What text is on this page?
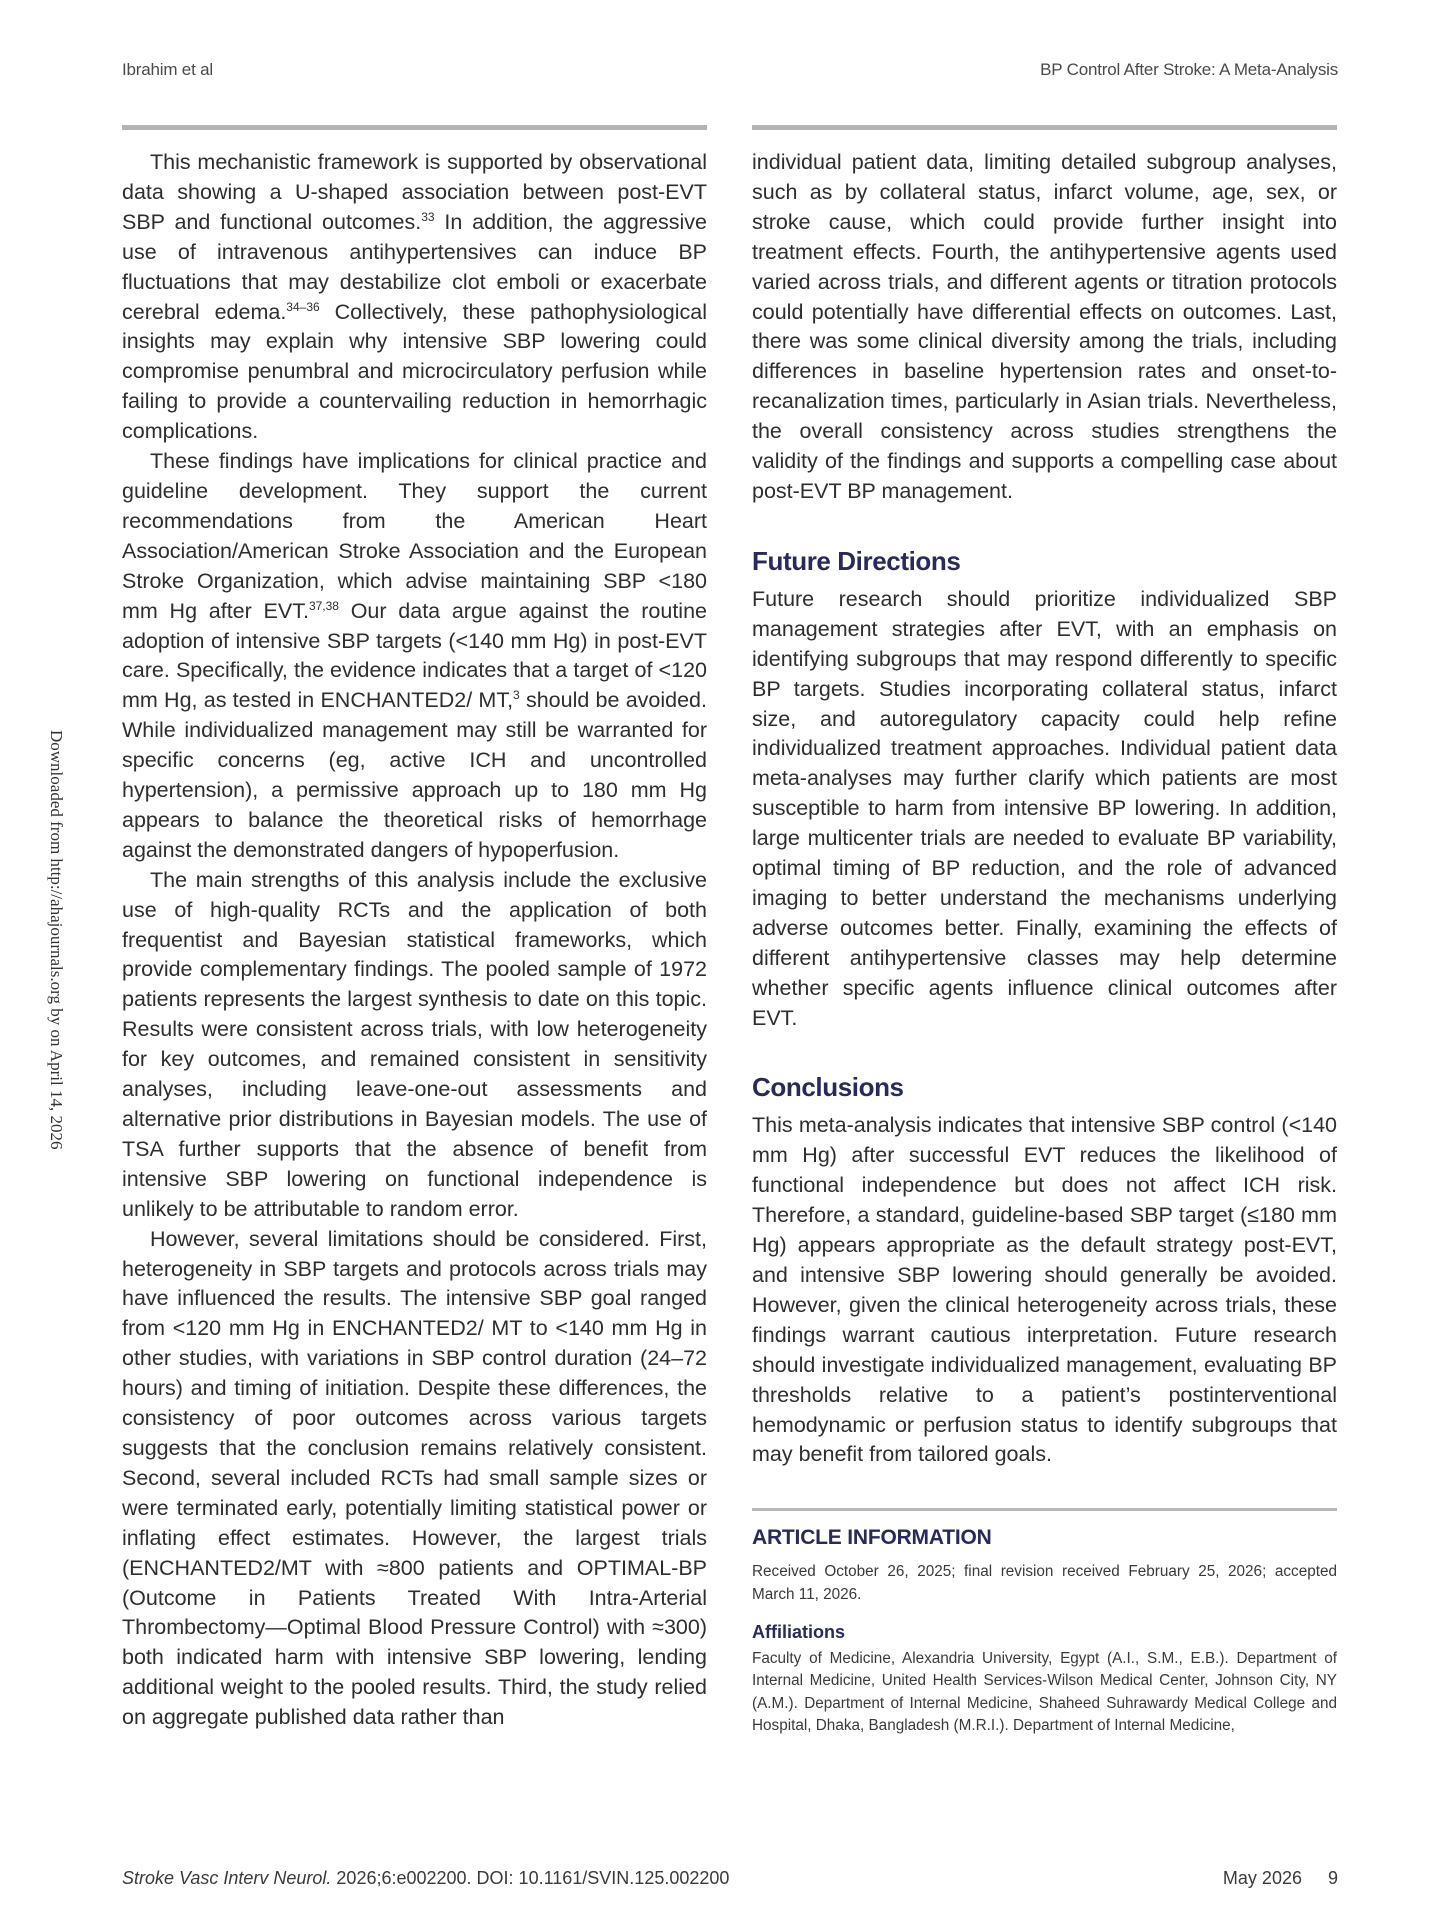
Ibrahim et al	BP Control After Stroke: A Meta-Analysis
Downloaded from http://ahajournals.org by on April 14, 2026

This mechanistic framework is supported by observational data showing a U-shaped association between post-EVT SBP and functional outcomes.$^{33}$ In addition, the aggressive use of intravenous antihypertensives can induce BP fluctuations that may destabilize clot emboli or exacerbate cerebral edema.$^{34-36}$ Collectively, these pathophysiological insights may explain why intensive SBP lowering could compromise penumbral and microcirculatory perfusion while failing to provide a countervailing reduction in hemorrhagic complications.

These findings have implications for clinical practice and guideline development. They support the current recommendations from the American Heart Association/American Stroke Association and the European Stroke Organization, which advise maintaining SBP <180 mm Hg after EVT.$^{37,38}$ Our data argue against the routine adoption of intensive SBP targets (<140 mm Hg) in post-EVT care. Specifically, the evidence indicates that a target of <120 mm Hg, as tested in ENCHANTED2/ MT,$^3$ should be avoided. While individualized management may still be warranted for specific concerns (eg, active ICH and uncontrolled hypertension), a permissive approach up to 180 mm Hg appears to balance the theoretical risks of hemorrhage against the demonstrated dangers of hypoperfusion.

The main strengths of this analysis include the exclusive use of high-quality RCTs and the application of both frequentist and Bayesian statistical frameworks, which provide complementary findings. The pooled sample of 1972 patients represents the largest synthesis to date on this topic. Results were consistent across trials, with low heterogeneity for key outcomes, and remained consistent in sensitivity analyses, including leave-one-out assessments and alternative prior distributions in Bayesian models. The use of TSA further supports that the absence of benefit from intensive SBP lowering on functional independence is unlikely to be attributable to random error.

However, several limitations should be considered. First, heterogeneity in SBP targets and protocols across trials may have influenced the results. The intensive SBP goal ranged from <120 mm Hg in ENCHANTED2/ MT to <140 mm Hg in other studies, with variations in SBP control duration (24–72 hours) and timing of initiation. Despite these differences, the consistency of poor outcomes across various targets suggests that the conclusion remains relatively consistent. Second, several included RCTs had small sample sizes or were terminated early, potentially limiting statistical power or inflating effect estimates. However, the largest trials (ENCHANTED2/MT with ≈800 patients and OPTIMAL-BP (Outcome in Patients Treated With Intra-Arterial Thrombectomy—Optimal Blood Pressure Control) with ≈300) both indicated harm with intensive SBP lowering, lending additional weight to the pooled results. Third, the study relied on aggregate published data rather than

individual patient data, limiting detailed subgroup analyses, such as by collateral status, infarct volume, age, sex, or stroke cause, which could provide further insight into treatment effects. Fourth, the antihypertensive agents used varied across trials, and different agents or titration protocols could potentially have differential effects on outcomes. Last, there was some clinical diversity among the trials, including differences in baseline hypertension rates and onset-to-recanalization times, particularly in Asian trials. Nevertheless, the overall consistency across studies strengthens the validity of the findings and supports a compelling case about post-EVT BP management.

Future Directions

Future research should prioritize individualized SBP management strategies after EVT, with an emphasis on identifying subgroups that may respond differently to specific BP targets. Studies incorporating collateral status, infarct size, and autoregulatory capacity could help refine individualized treatment approaches. Individual patient data meta-analyses may further clarify which patients are most susceptible to harm from intensive BP lowering. In addition, large multicenter trials are needed to evaluate BP variability, optimal timing of BP reduction, and the role of advanced imaging to better understand the mechanisms underlying adverse outcomes better. Finally, examining the effects of different antihypertensive classes may help determine whether specific agents influence clinical outcomes after EVT.

Conclusions

This meta-analysis indicates that intensive SBP control (<140 mm Hg) after successful EVT reduces the likelihood of functional independence but does not affect ICH risk. Therefore, a standard, guideline-based SBP target (≤180 mm Hg) appears appropriate as the default strategy post-EVT, and intensive SBP lowering should generally be avoided. However, given the clinical heterogeneity across trials, these findings warrant cautious interpretation. Future research should investigate individualized management, evaluating BP thresholds relative to a patient’s postinterventional hemodynamic or perfusion status to identify subgroups that may benefit from tailored goals.

ARTICLE INFORMATION

Received October 26, 2025; final revision received February 25, 2026; accepted March 11, 2026.

Affiliations

Faculty of Medicine, Alexandria University, Egypt (A.I., S.M., E.B.). Department of Internal Medicine, United Health Services-Wilson Medical Center, Johnson City, NY (A.M.). Department of Internal Medicine, Shaheed Suhrawardy Medical College and Hospital, Dhaka, Bangladesh (M.R.I.). Department of Internal Medicine,

Stroke Vasc Interv Neurol. 2026;6:e002200. DOI: 10.1161/SVIN.125.002200	May 2026 9
